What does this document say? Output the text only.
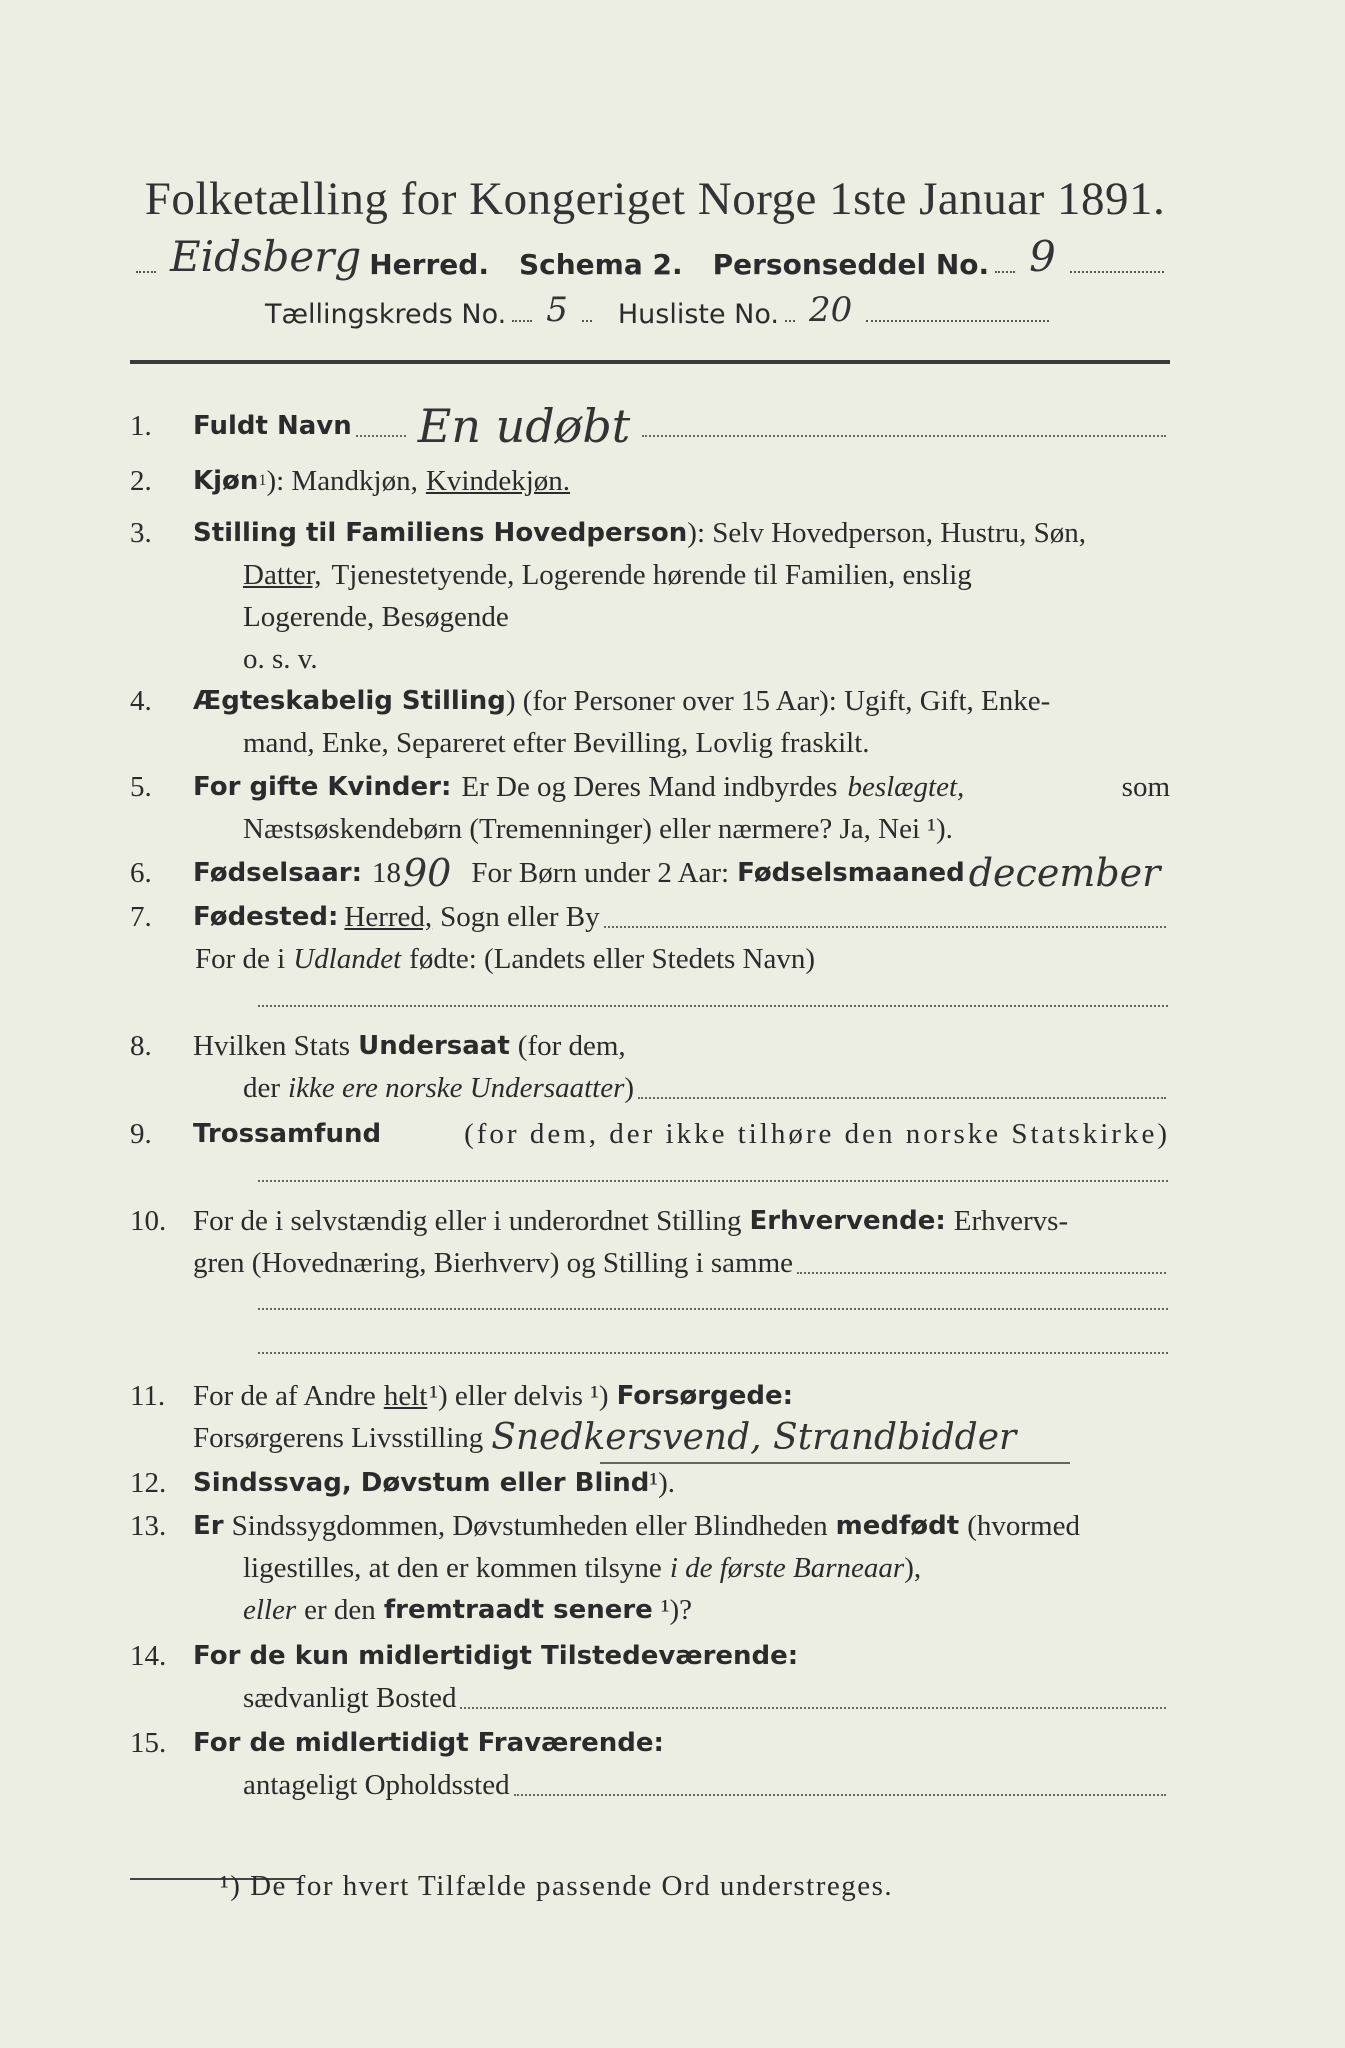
Folketælling for Kongeriget Norge 1ste Januar 1891.
Eidsberg Herred. Schema 2. Personseddel No. 9
Tællingskreds No. 5 Husliste No. 20
1.	Fuldt Navn En udøbt
2.	Kjøn 1 ): Mandkjøn, Kvindekjøn.
3.	Stilling til Familiens Hovedperson ): Selv Hovedperson, Hustru, Søn,
Datter, Tjenestetyende, Logerende hørende til Familien, enslig
Logerende, Besøgende
o. s. v.
4.	Ægteskabelig Stilling ) (for Personer over 15 Aar): Ugift, Gift, Enke-
mand, Enke, Separeret efter Bevilling, Lovlig fraskilt.
5.	For gifte Kvinder: Er De og Deres Mand indbyrdes beslægtet,	som
Næstsøskendebørn (Tremenninger) eller nærmere? Ja, Nei ¹).
6.	Fødselsaar: 18 90 For Børn under 2 Aar: Fødselsmaaned december
7.	Fødested: Herred, Sogn eller By
For de i Udlandet fødte: (Landets eller Stedets Navn)
8.	Hvilken Stats Undersaat (for dem,
der ikke ere norske Undersaatter )
9.	Trossamfund	(for dem, der ikke tilhøre den norske Statskirke)
10. For de i selvstændig eller i underordnet Stilling Erhvervende: Erhvervs-
gren (Hovednæring, Bierhverv) og Stilling i samme
11. For de af Andre helt ¹) eller delvis ¹) Forsørgede:
Forsørgerens Livsstilling Snedkersvend, Strandbidder
12.	Sindssvag, Døvstum eller Blind ¹).
13.	Er Sindssygdommen, Døvstumheden eller Blindheden medfødt (hvormed
ligestilles, at den er kommen tilsyne i de første Barneaar ),
eller er den fremtraadt senere ¹)?
14.	For de kun midlertidigt Tilstedeværende:
sædvanligt Bosted
15.	For de midlertidigt Fraværende:
antageligt Opholdssted
¹) De for hvert Tilfælde passende Ord understreges.
